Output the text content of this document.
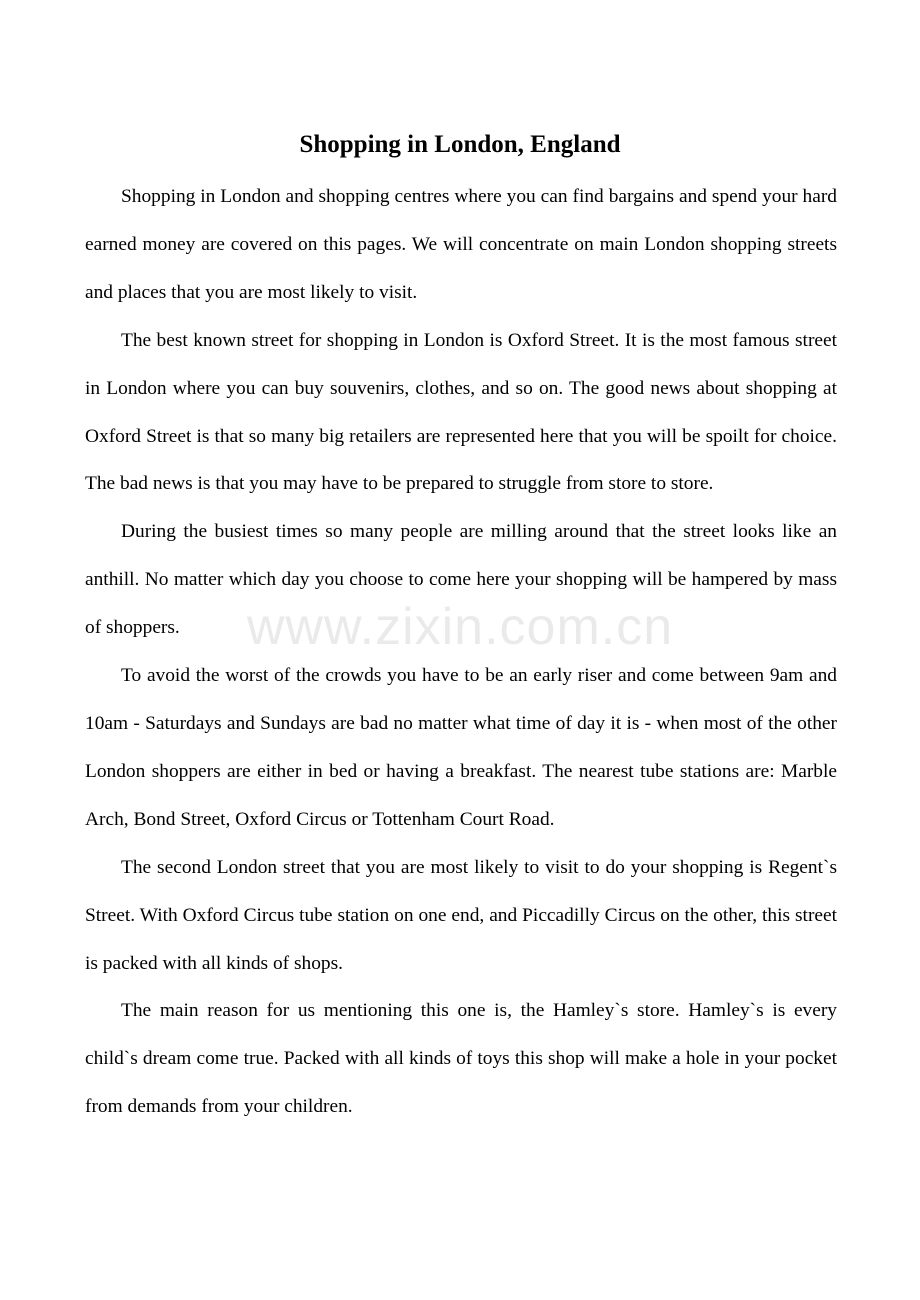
Shopping in London, England

Shopping in London and shopping centres where you can find bargains and spend your hard earned money are covered on this pages. We will concentrate on main London shopping streets and places that you are most likely to visit.

The best known street for shopping in London is Oxford Street. It is the most famous street in London where you can buy souvenirs, clothes, and so on. The good news about shopping at Oxford Street is that so many big retailers are represented here that you will be spoilt for choice. The bad news is that you may have to be prepared to struggle from store to store.

During the busiest times so many people are milling around that the street looks like an anthill. No matter which day you choose to come here your shopping will be hampered by mass of shoppers.

To avoid the worst of the crowds you have to be an early riser and come between 9am and 10am - Saturdays and Sundays are bad no matter what time of day it is - when most of the other London shoppers are either in bed or having a breakfast. The nearest tube stations are: Marble Arch, Bond Street, Oxford Circus or Tottenham Court Road.

The second London street that you are most likely to visit to do your shopping is Regent`s Street. With Oxford Circus tube station on one end, and Piccadilly Circus on the other, this street is packed with all kinds of shops.

The main reason for us mentioning this one is, the Hamley`s store. Hamley`s is every child`s dream come true. Packed with all kinds of toys this shop will make a hole in your pocket from demands from your children.

www.zixin.com.cn
